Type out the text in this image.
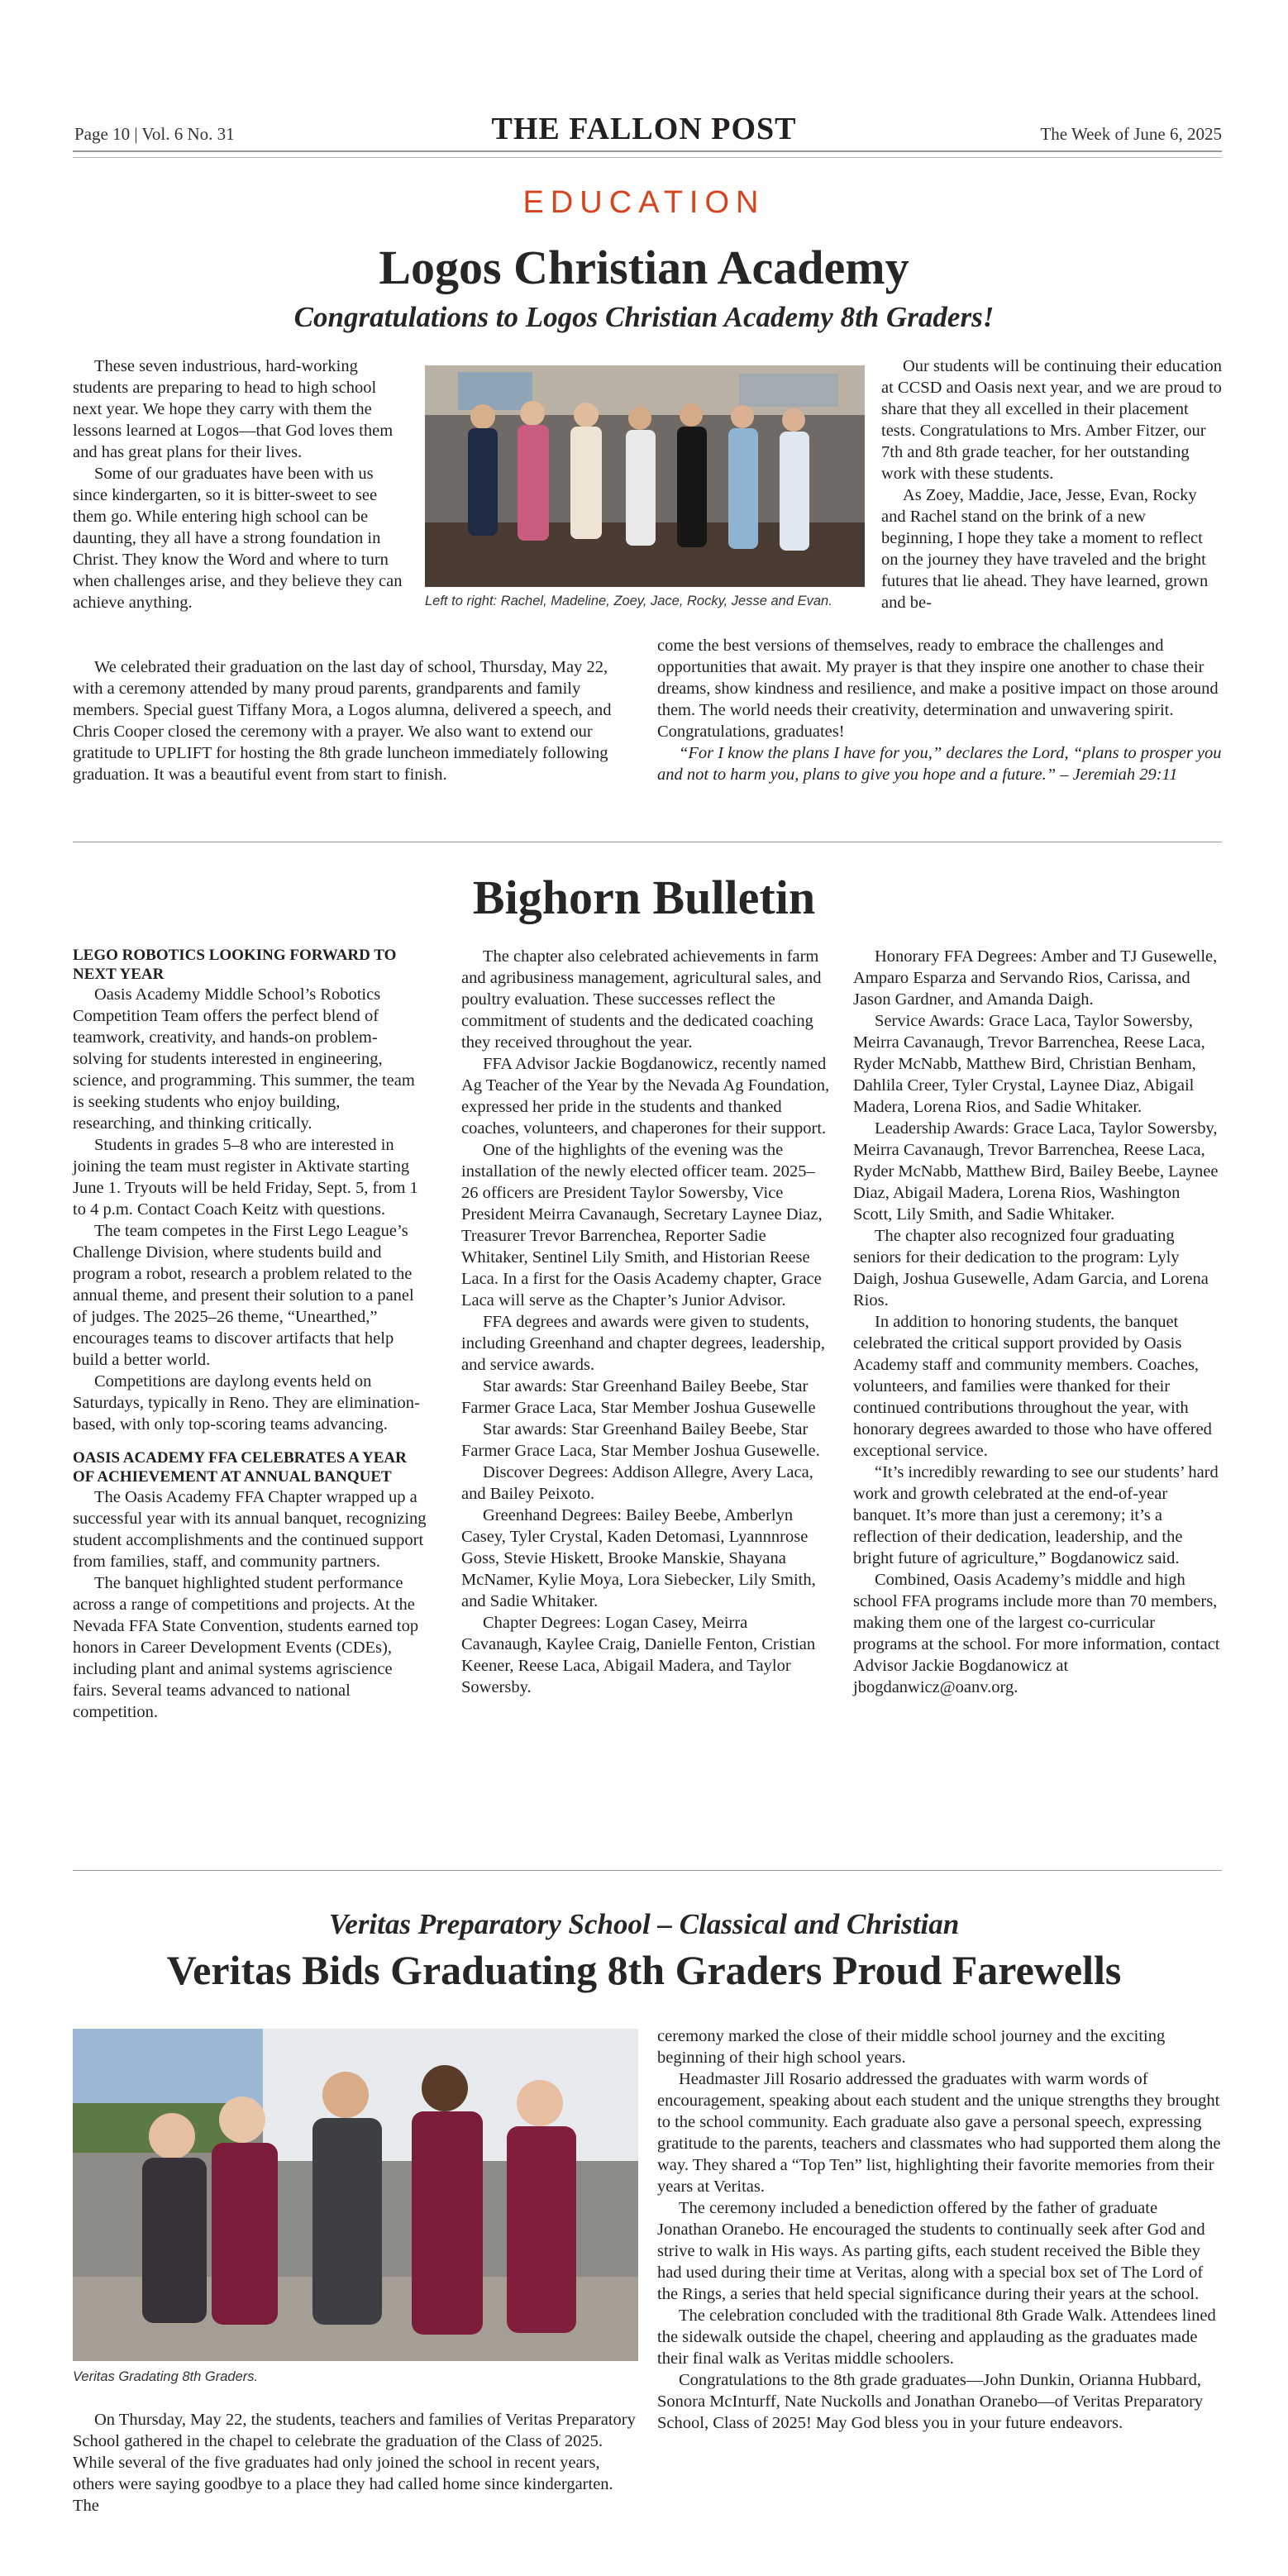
Page 10 | Vol. 6 No. 31	THE FALLON POST	The Week of June 6, 2025
EDUCATION
Logos Christian Academy
Congratulations to Logos Christian Academy 8th Graders!

These seven industrious, hard-working students are preparing to head to high school next year. We hope they carry with them the lessons learned at Logos—that God loves them and has great plans for their lives.

Some of our graduates have been with us since kindergarten, so it is bitter-sweet to see them go. While entering high school can be daunting, they all have a strong foundation in Christ. They know the Word and where to turn when challenges arise, and they believe they can achieve anything.	Left to right: Rachel, Madeline, Zoey, Jace, Rocky, Jesse and Evan.

Our students will be continuing their education at CCSD and Oasis next year, and we are proud to share that they all excelled in their placement tests. Congratulations to Mrs. Amber Fitzer, our 7th and 8th grade teacher, for her outstanding work with these students.

As Zoey, Maddie, Jace, Jesse, Evan, Rocky and Rachel stand on the brink of a new beginning, I hope they take a moment to reflect on the journey they have traveled and the bright futures that lie ahead. They have learned, grown and be-

We celebrated their graduation on the last day of school, Thursday, May 22, with a ceremony attended by many proud parents, grandparents and family members. Special guest Tiffany Mora, a Logos alumna, delivered a speech, and Chris Cooper closed the ceremony with a prayer. We also want to extend our gratitude to UPLIFT for hosting the 8th grade luncheon immediately following graduation. It was a beautiful event from start to finish.

come the best versions of themselves, ready to embrace the challenges and opportunities that await. My prayer is that they inspire one another to chase their dreams, show kindness and resilience, and make a positive impact on those around them. The world needs their creativity, determination and unwavering spirit. Congratulations, graduates!

“For I know the plans I have for you,” declares the Lord, “plans to prosper you and not to harm you, plans to give you hope and a future.” – Jeremiah 29:11

Bighorn Bulletin
LEGO ROBOTICS LOOKING FORWARD TO NEXT YEAR

Oasis Academy Middle School’s Robotics Competition Team offers the perfect blend of teamwork, creativity, and hands-on problem-solving for students interested in engineering, science, and programming. This summer, the team is seeking students who enjoy building, researching, and thinking critically.

Students in grades 5–8 who are interested in joining the team must register in Aktivate starting June 1. Tryouts will be held Friday, Sept. 5, from 1 to 4 p.m. Contact Coach Keitz with questions.

The team competes in the First Lego League’s Challenge Division, where students build and program a robot, research a problem related to the annual theme, and present their solution to a panel of judges. The 2025–26 theme, “Unearthed,” encourages teams to discover artifacts that help build a better world.

Competitions are daylong events held on Saturdays, typically in Reno. They are elimination-based, with only top-scoring teams advancing.

OASIS ACADEMY FFA CELEBRATES A YEAR OF ACHIEVEMENT AT ANNUAL BANQUET

The Oasis Academy FFA Chapter wrapped up a successful year with its annual banquet, recognizing student accomplishments and the continued support from families, staff, and community partners.

The banquet highlighted student performance across a range of competitions and projects. At the Nevada FFA State Convention, students earned top honors in Career Development Events (CDEs), including plant and animal systems agriscience fairs. Several teams advanced to national competition.

The chapter also celebrated achievements in farm and agribusiness management, agricultural sales, and poultry evaluation. These successes reflect the commitment of students and the dedicated coaching they received throughout the year.

FFA Advisor Jackie Bogdanowicz, recently named Ag Teacher of the Year by the Nevada Ag Foundation, expressed her pride in the students and thanked coaches, volunteers, and chaperones for their support.

One of the highlights of the evening was the installation of the newly elected officer team. 2025–26 officers are President Taylor Sowersby, Vice President Meirra Cavanaugh, Secretary Laynee Diaz, Treasurer Trevor Barrenchea, Reporter Sadie Whitaker, Sentinel Lily Smith, and Historian Reese Laca. In a first for the Oasis Academy chapter, Grace Laca will serve as the Chapter’s Junior Advisor.

FFA degrees and awards were given to students, including Greenhand and chapter degrees, leadership, and service awards.

Star awards: Star Greenhand Bailey Beebe, Star Farmer Grace Laca, Star Member Joshua Gusewelle

Star awards: Star Greenhand Bailey Beebe, Star Farmer Grace Laca, Star Member Joshua Gusewelle.

Discover Degrees: Addison Allegre, Avery Laca, and Bailey Peixoto.

Greenhand Degrees: Bailey Beebe, Amberlyn Casey, Tyler Crystal, Kaden Detomasi, Lyannnrose Goss, Stevie Hiskett, Brooke Manskie, Shayana McNamer, Kylie Moya, Lora Siebecker, Lily Smith, and Sadie Whitaker.

Chapter Degrees: Logan Casey, Meirra Cavanaugh, Kaylee Craig, Danielle Fenton, Cristian Keener, Reese Laca, Abigail Madera, and Taylor Sowersby.

Honorary FFA Degrees: Amber and TJ Gusewelle, Amparo Esparza and Servando Rios, Carissa, and Jason Gardner, and Amanda Daigh.

Service Awards: Grace Laca, Taylor Sowersby, Meirra Cavanaugh, Trevor Barrenchea, Reese Laca, Ryder McNabb, Matthew Bird, Christian Benham, Dahlila Creer, Tyler Crystal, Laynee Diaz, Abigail Madera, Lorena Rios, and Sadie Whitaker.

Leadership Awards: Grace Laca, Taylor Sowersby, Meirra Cavanaugh, Trevor Barrenchea, Reese Laca, Ryder McNabb, Matthew Bird, Bailey Beebe, Laynee Diaz, Abigail Madera, Lorena Rios, Washington Scott, Lily Smith, and Sadie Whitaker.

The chapter also recognized four graduating seniors for their dedication to the program: Lyly Daigh, Joshua Gusewelle, Adam Garcia, and Lorena Rios.

In addition to honoring students, the banquet celebrated the critical support provided by Oasis Academy staff and community members. Coaches, volunteers, and families were thanked for their continued contributions throughout the year, with honorary degrees awarded to those who have offered exceptional service.

“It’s incredibly rewarding to see our students’ hard work and growth celebrated at the end-of-year banquet. It’s more than just a ceremony; it’s a reflection of their dedication, leadership, and the bright future of agriculture,” Bogdanowicz said.

Combined, Oasis Academy’s middle and high school FFA programs include more than 70 members, making them one of the largest co-curricular programs at the school. For more information, contact Advisor Jackie Bogdanowicz at jbogdanwicz@oanv.org.

Veritas Preparatory School – Classical and Christian
Veritas Bids Graduating 8th Graders Proud Farewells
Veritas Gradating 8th Graders.

On Thursday, May 22, the students, teachers and families of Veritas Preparatory School gathered in the chapel to celebrate the graduation of the Class of 2025. While several of the five graduates had only joined the school in recent years, others were saying goodbye to a place they had called home since kindergarten. The

ceremony marked the close of their middle school journey and the exciting beginning of their high school years.

Headmaster Jill Rosario addressed the graduates with warm words of encouragement, speaking about each student and the unique strengths they brought to the school community. Each graduate also gave a personal speech, expressing gratitude to the parents, teachers and classmates who had supported them along the way. They shared a “Top Ten” list, highlighting their favorite memories from their years at Veritas.

The ceremony included a benediction offered by the father of graduate Jonathan Oranebo. He encouraged the students to continually seek after God and strive to walk in His ways. As parting gifts, each student received the Bible they had used during their time at Veritas, along with a special box set of The Lord of the Rings, a series that held special significance during their years at the school.

The celebration concluded with the traditional 8th Grade Walk. Attendees lined the sidewalk outside the chapel, cheering and applauding as the graduates made their final walk as Veritas middle schoolers.

Congratulations to the 8th grade graduates—John Dunkin, Orianna Hubbard, Sonora McInturff, Nate Nuckolls and Jonathan Oranebo—of Veritas Preparatory School, Class of 2025! May God bless you in your future endeavors.
